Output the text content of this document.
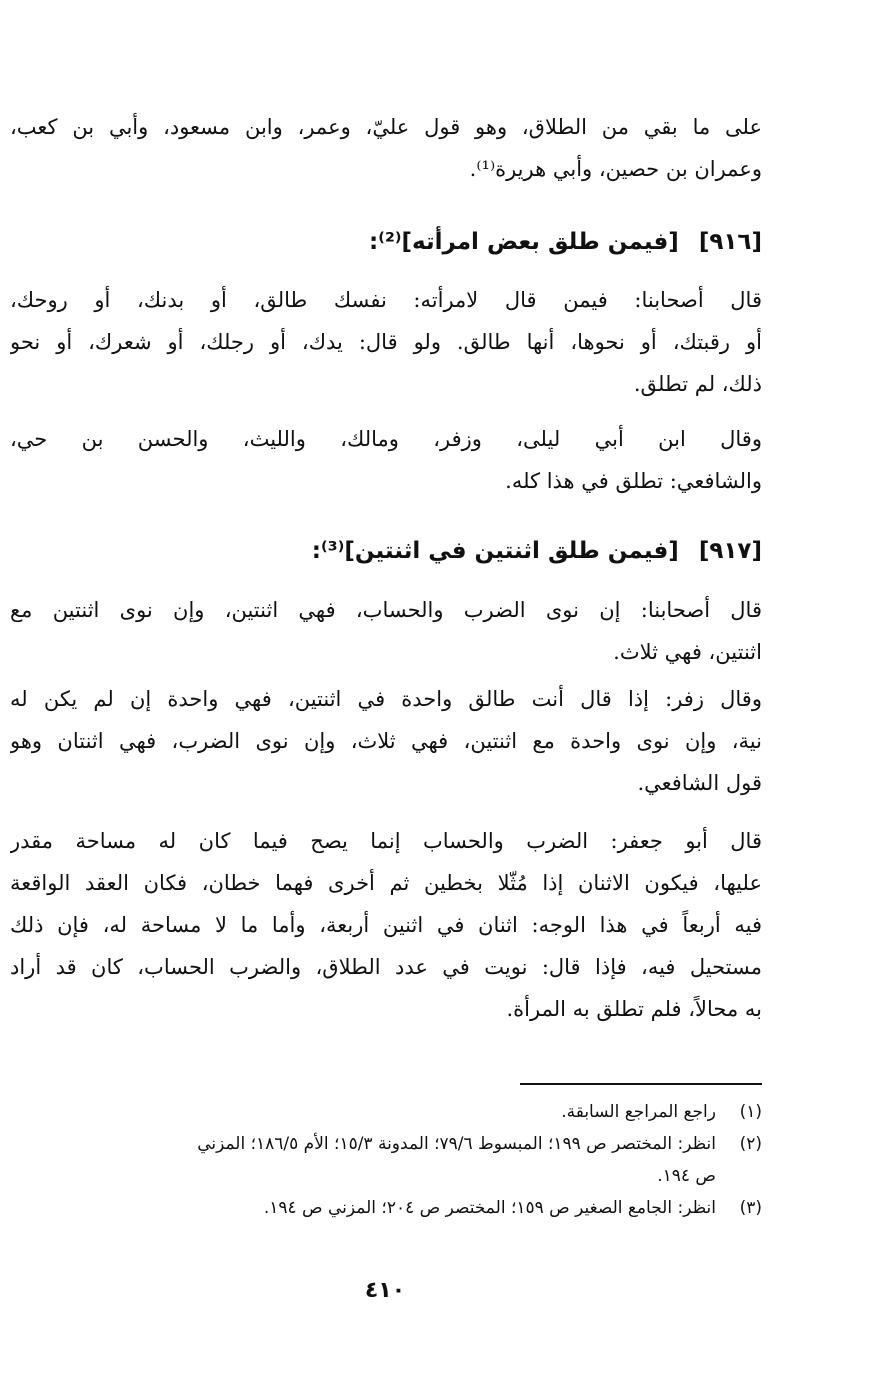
على ما بقي من الطلاق، وهو قول عليّ، وعمر، وابن مسعود، وأبي بن كعب،
وعمران بن حصين، وأبي هريرة⁽¹⁾.
[٩١٦] [فيمن طلق بعض امرأته]⁽²⁾:
قال أصحابنا: فيمن قال لامرأته: نفسك طالق، أو بدنك، أو روحك،
أو رقبتك، أو نحوها، أنها طالق. ولو قال: يدك، أو رجلك، أو شعرك، أو نحو
ذلك، لم تطلق.
وقال ابن أبي ليلى، وزفر، ومالك، والليث، والحسن بن حي،
والشافعي: تطلق في هذا كله.
[٩١٧] [فيمن طلق اثنتين في اثنتين]⁽³⁾:
قال أصحابنا: إن نوى الضرب والحساب، فهي اثنتين، وإن نوى اثنتين مع
اثنتين، فهي ثلاث.
وقال زفر: إذا قال أنت طالق واحدة في اثنتين، فهي واحدة إن لم يكن له
نية، وإن نوى واحدة مع اثنتين، فهي ثلاث، وإن نوى الضرب، فهي اثنتان وهو
قول الشافعي.
قال أبو جعفر: الضرب والحساب إنما يصح فيما كان له مساحة مقدر
عليها، فيكون الاثنان إذا مُثّلا بخطين ثم أخرى فهما خطان، فكان العقد الواقعة
فيه أربعاً في هذا الوجه: اثنان في اثنين أربعة، وأما ما لا مساحة له، فإن ذلك
مستحيل فيه، فإذا قال: نويت في عدد الطلاق، والضرب الحساب، كان قد أراد
به محالاً، فلم تطلق به المرأة.
(١)
راجع المراجع السابقة.
(٢)
انظر: المختصر ص ١٩٩؛ المبسوط ٧٩/٦؛ المدونة ١٥/٣؛ الأم ١٨٦/٥؛ المزني
ص ١٩٤.
(٣)
انظر: الجامع الصغير ص ١٥٩؛ المختصر ص ٢٠٤؛ المزني ص ١٩٤.
٤١٠
